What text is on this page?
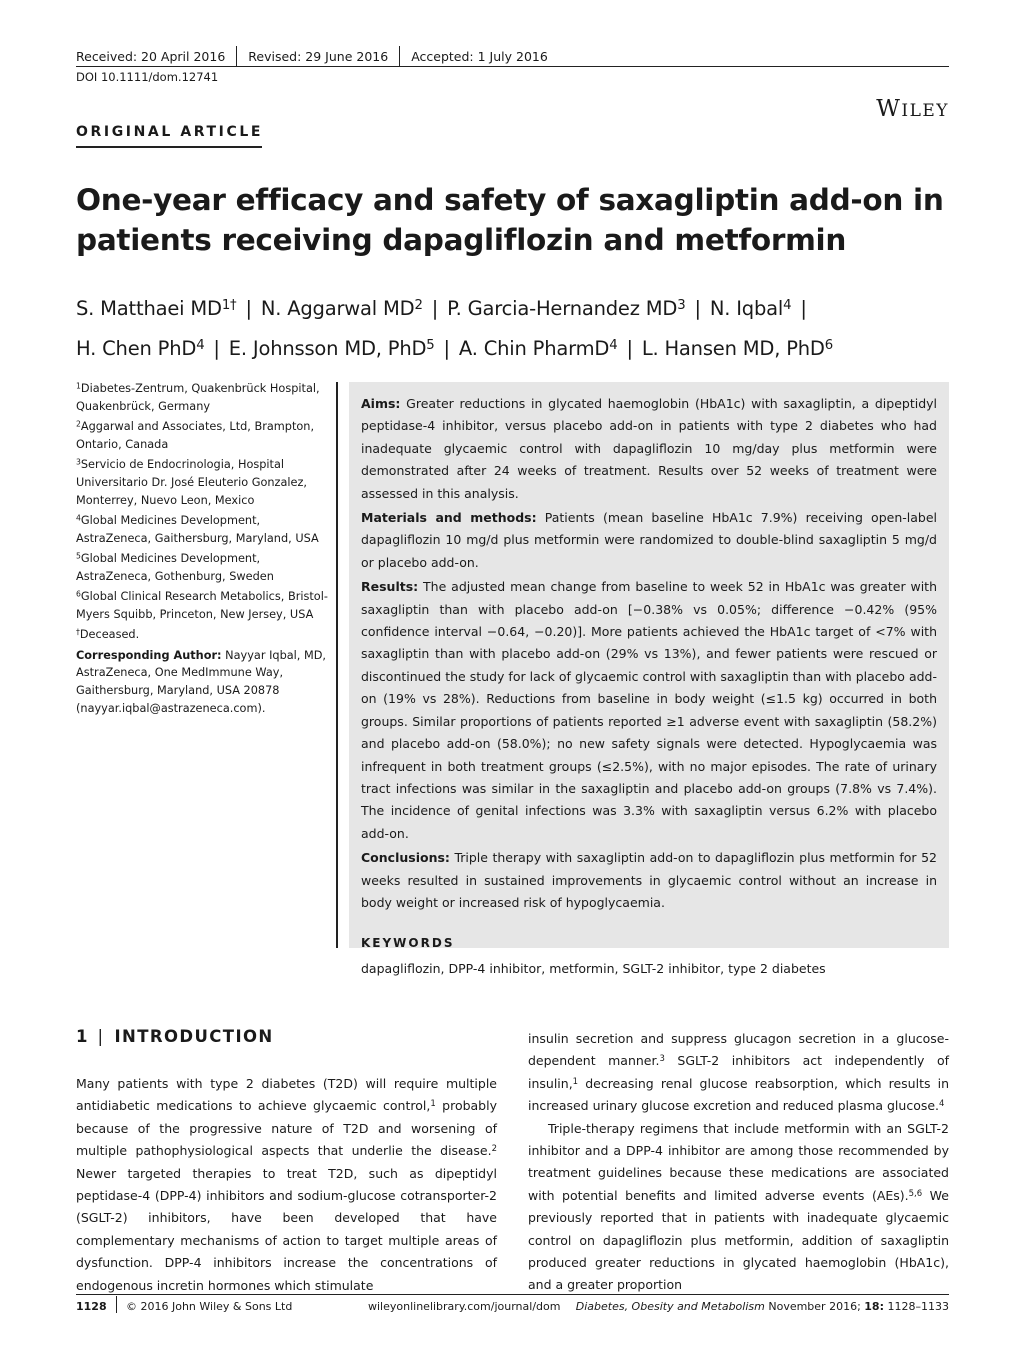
Received: 20 April 2016 Revised: 29 June 2016 Accepted: 1 July 2016
DOI 10.1111/dom.12741
WILEY
ORIGINAL ARTICLE
One-year efficacy and safety of saxagliptin add-on in patients receiving dapagliflozin and metformin
S. Matthaei $MD^{1\dagger}$ | N. Aggarwal $MD^2$ | P. Garcia-Hernandez $MD^3$ | N. Iqbal$^4$ |
H. Chen PhD$^4$ | E. Johnsson MD, PhD$^5$ | A. Chin PharmD$^4$ | L. Hansen MD, PhD$^6$

$^1$Diabetes-Zentrum, Quakenbrück Hospital, Quakenbrück, Germany

$^2$Aggarwal and Associates, Ltd, Brampton, Ontario, Canada

$^3$Servicio de Endocrinologia, Hospital Universitario Dr. José Eleuterio Gonzalez, Monterrey, Nuevo Leon, Mexico

$^4$Global Medicines Development, AstraZeneca, Gaithersburg, Maryland, USA

$^5$Global Medicines Development, AstraZeneca, Gothenburg, Sweden

$^6$Global Clinical Research Metabolics, Bristol-Myers Squibb, Princeton, New Jersey, USA

†Deceased.

Corresponding Author: Nayyar Iqbal, MD, AstraZeneca, One MedImmune Way, Gaithersburg, Maryland, USA 20878 (nayyar.iqbal@astrazeneca.com).

Aims: Greater reductions in glycated haemoglobin (HbA1c) with saxagliptin, a dipeptidyl peptidase-4 inhibitor, versus placebo add-on in patients with type 2 diabetes who had inadequate glycaemic control with dapagliflozin 10 mg/day plus metformin were demonstrated after 24 weeks of treatment. Results over 52 weeks of treatment were assessed in this analysis.

Materials and methods: Patients (mean baseline HbA1c 7.9%) receiving open-label dapagliflozin 10 mg/d plus metformin were randomized to double-blind saxagliptin 5 mg/d or placebo add-on.

Results: The adjusted mean change from baseline to week 52 in HbA1c was greater with saxagliptin than with placebo add-on [−0.38% vs 0.05%; difference −0.42% (95% confidence interval −0.64, −0.20)]. More patients achieved the HbA1c target of <7% with saxagliptin than with placebo add-on (29% vs 13%), and fewer patients were rescued or discontinued the study for lack of glycaemic control with saxagliptin than with placebo add-on (19% vs 28%). Reductions from baseline in body weight (≤1.5 kg) occurred in both groups. Similar proportions of patients reported ≥1 adverse event with saxagliptin (58.2%) and placebo add-on (58.0%); no new safety signals were detected. Hypoglycaemia was infrequent in both treatment groups (≤2.5%), with no major episodes. The rate of urinary tract infections was similar in the saxagliptin and placebo add-on groups (7.8% vs 7.4%). The incidence of genital infections was 3.3% with saxagliptin versus 6.2% with placebo add-on.

Conclusions: Triple therapy with saxagliptin add-on to dapagliflozin plus metformin for 52 weeks resulted in sustained improvements in glycaemic control without an increase in body weight or increased risk of hypoglycaemia.

KEYWORDS
dapagliflozin, DPP-4 inhibitor, metformin, SGLT-2 inhibitor, type 2 diabetes
1 | INTRODUCTION

Many patients with type 2 diabetes (T2D) will require multiple antidiabetic medications to achieve glycaemic control,$^1$ probably because of the progressive nature of T2D and worsening of multiple pathophysiological aspects that underlie the disease.$^2$ Newer targeted therapies to treat T2D, such as dipeptidyl peptidase-4 (DPP-4) inhibitors and sodium-glucose cotransporter-2 (SGLT-2) inhibitors, have been developed that have complementary mechanisms of action to target multiple areas of dysfunction. DPP-4 inhibitors increase the concentrations of endogenous incretin hormones which stimulate

insulin secretion and suppress glucagon secretion in a glucose-dependent manner.$^3$ SGLT-2 inhibitors act independently of insulin,$^1$ decreasing renal glucose reabsorption, which results in increased urinary glucose excretion and reduced plasma glucose.$^4$

Triple-therapy regimens that include metformin with an SGLT-2 inhibitor and a DPP-4 inhibitor are among those recommended by treatment guidelines because these medications are associated with potential benefits and limited adverse events (AEs).$^{5,6}$ We previously reported that in patients with inadequate glycaemic control on dapagliflozin plus metformin, addition of saxagliptin produced greater reductions in glycated haemoglobin (HbA1c), and a greater proportion

1128 © 2016 John Wiley & Sons Ltd	wileyonlinelibrary.com/journal/dom Diabetes, Obesity and Metabolism November 2016; 18: 1128–1133
